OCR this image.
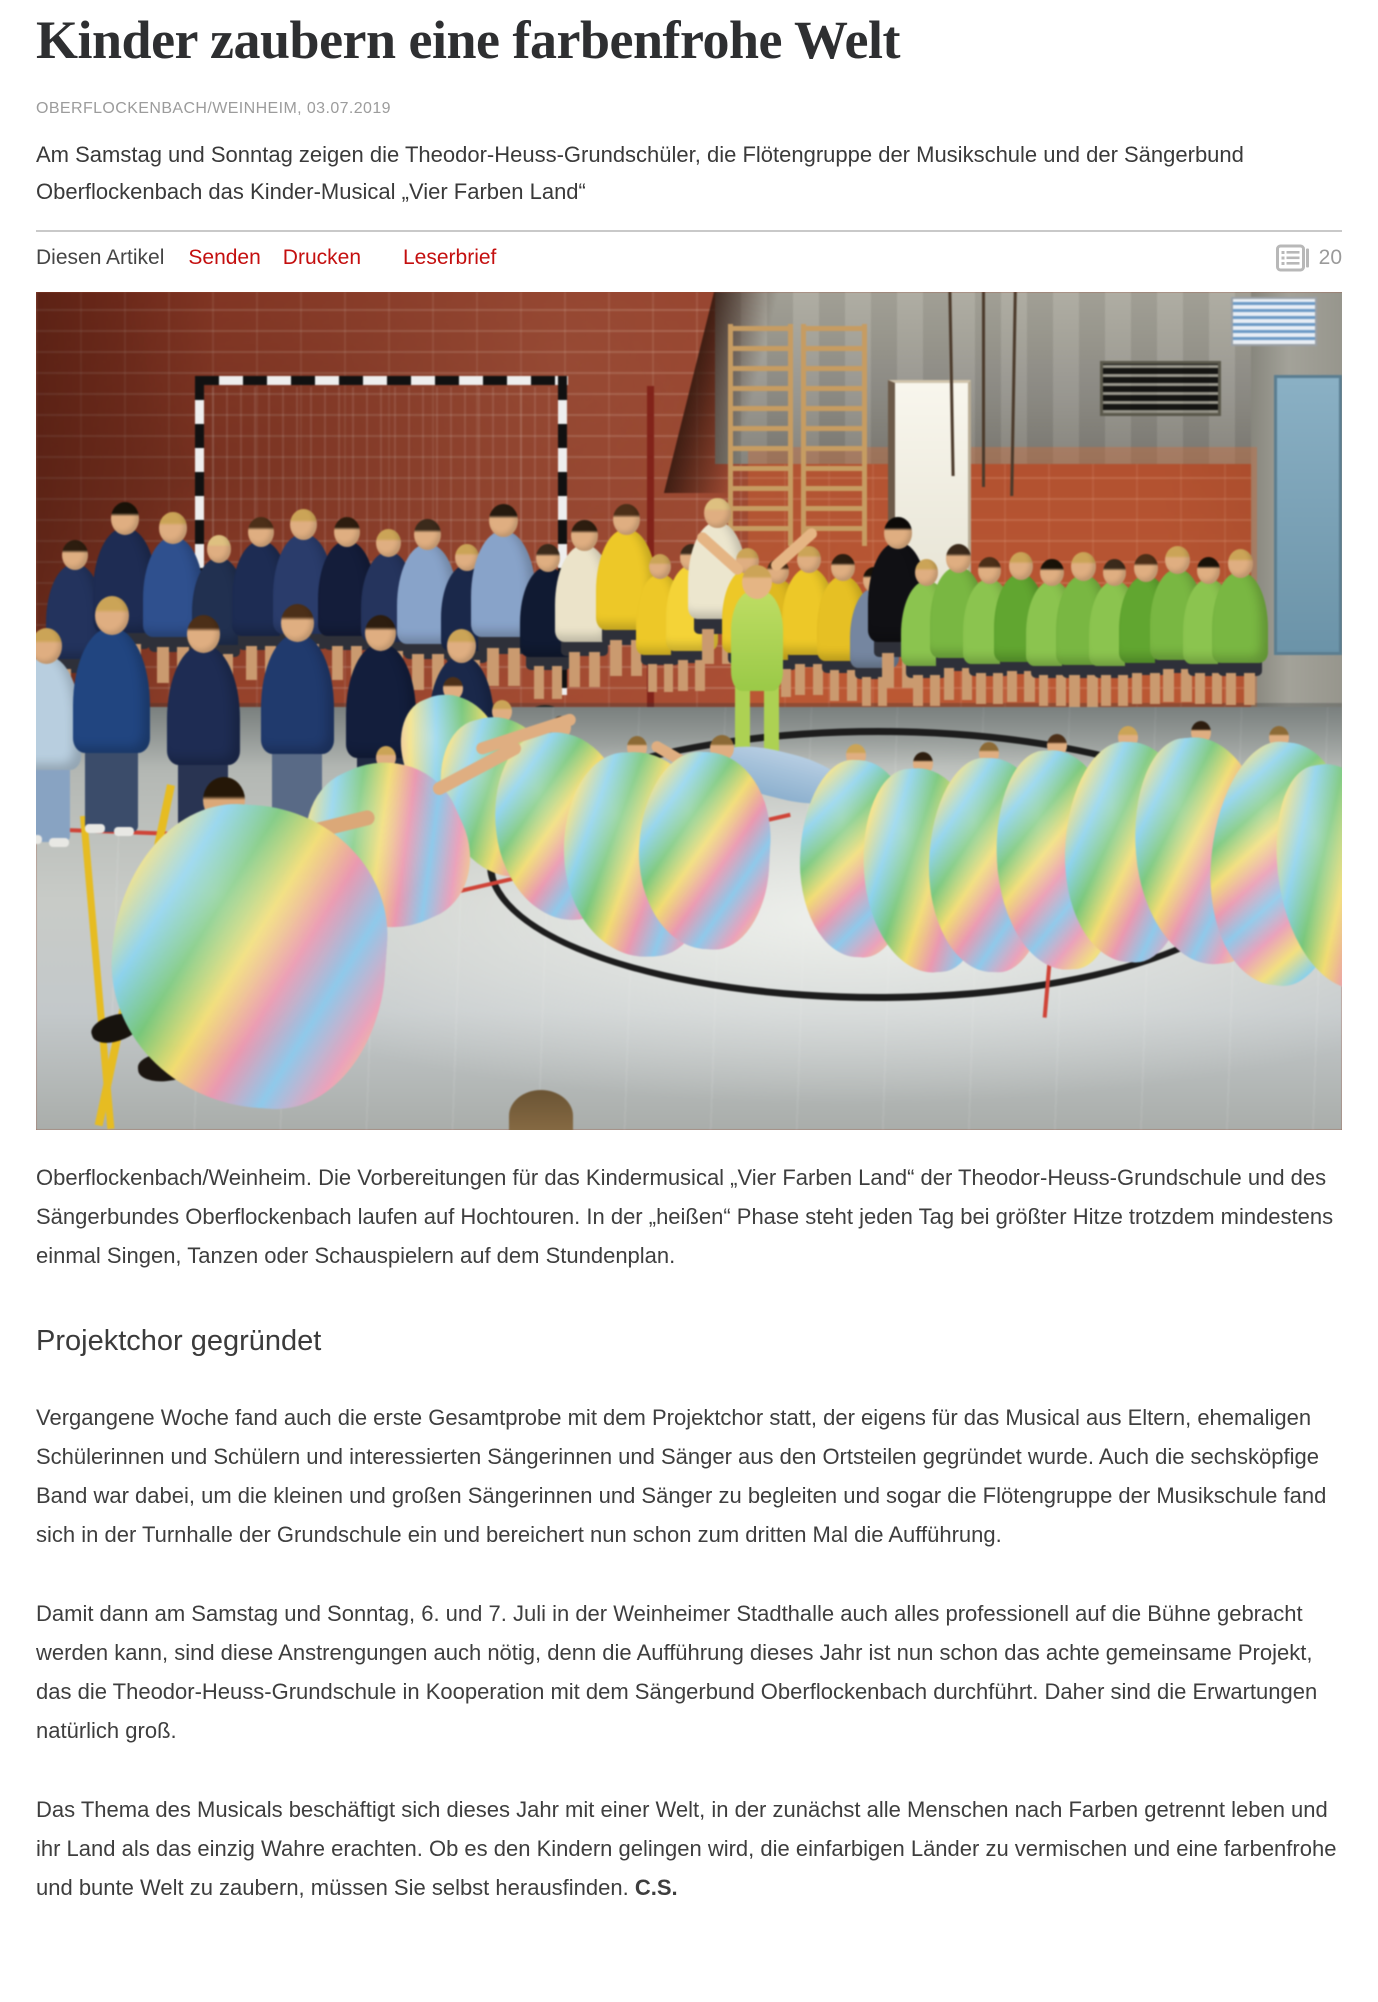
Kinder zaubern eine farbenfrohe Welt
OBERFLOCKENBACH/WEINHEIM, 03.07.2019
Am Samstag und Sonntag zeigen die Theodor-Heuss-Grundschüler, die Flötengruppe der Musikschule und der Sängerbund Oberflockenbach das Kinder-Musical „Vier Farben Land“
Diesen Artikel Senden Drucken Leserbrief	20

Oberflockenbach/Weinheim. Die Vorbereitungen für das Kindermusical „Vier Farben Land“ der Theodor-Heuss-Grundschule und des Sängerbundes Oberflockenbach laufen auf Hochtouren. In der „heißen“ Phase steht jeden Tag bei größter Hitze trotzdem mindestens einmal Singen, Tanzen oder Schauspielern auf dem Stundenplan.

Projektchor gegründet

Vergangene Woche fand auch die erste Gesamtprobe mit dem Projektchor statt, der eigens für das Musical aus Eltern, ehemaligen Schülerinnen und Schülern und interessierten Sängerinnen und Sänger aus den Ortsteilen gegründet wurde. Auch die sechsköpfige Band war dabei, um die kleinen und großen Sängerinnen und Sänger zu begleiten und sogar die Flötengruppe der Musikschule fand sich in der Turnhalle der Grundschule ein und bereichert nun schon zum dritten Mal die Aufführung.

Damit dann am Samstag und Sonntag, 6. und 7. Juli in der Weinheimer Stadthalle auch alles professionell auf die Bühne gebracht werden kann, sind diese Anstrengungen auch nötig, denn die Aufführung dieses Jahr ist nun schon das achte gemeinsame Projekt, das die Theodor-Heuss-Grundschule in Kooperation mit dem Sängerbund Oberflockenbach durchführt. Daher sind die Erwartungen natürlich groß.

Das Thema des Musicals beschäftigt sich dieses Jahr mit einer Welt, in der zunächst alle Menschen nach Farben getrennt leben und ihr Land als das einzig Wahre erachten. Ob es den Kindern gelingen wird, die einfarbigen Länder zu vermischen und eine farbenfrohe und bunte Welt zu zaubern, müssen Sie selbst herausfinden. C.S.
